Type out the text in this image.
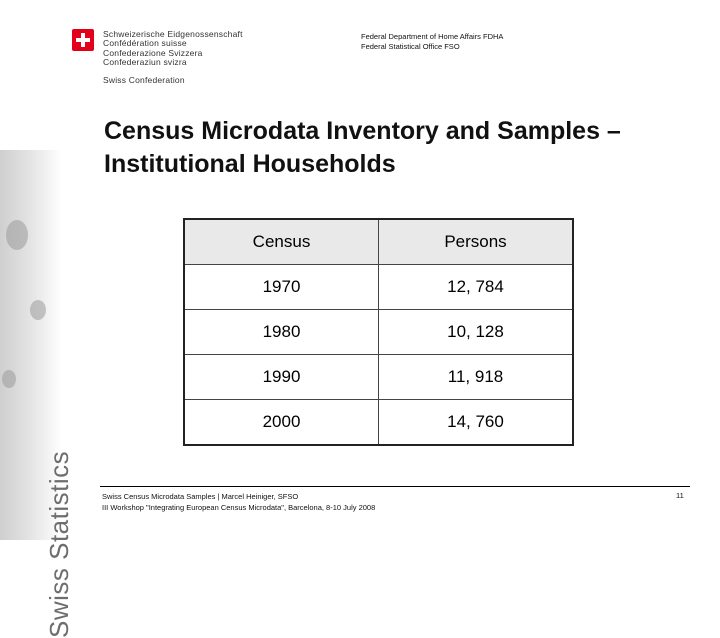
Swiss Statistics
Schweizerische Eidgenossenschaft
Confédération suisse
Confederazione Svizzera
Confederaziun svizra
Swiss Confederation
Federal Department of Home Affairs FDHA
Federal Statistical Office FSO
Census Microdata Inventory and Samples – Institutional Households
Census	Persons
1970	12, 784
1980	10, 128
1990	11, 918
2000	14, 760
Swiss Census Microdata Samples | Marcel Heiniger, SFSO
III Workshop "Integrating European Census Microdata", Barcelona, 8-10 July 2008
11
